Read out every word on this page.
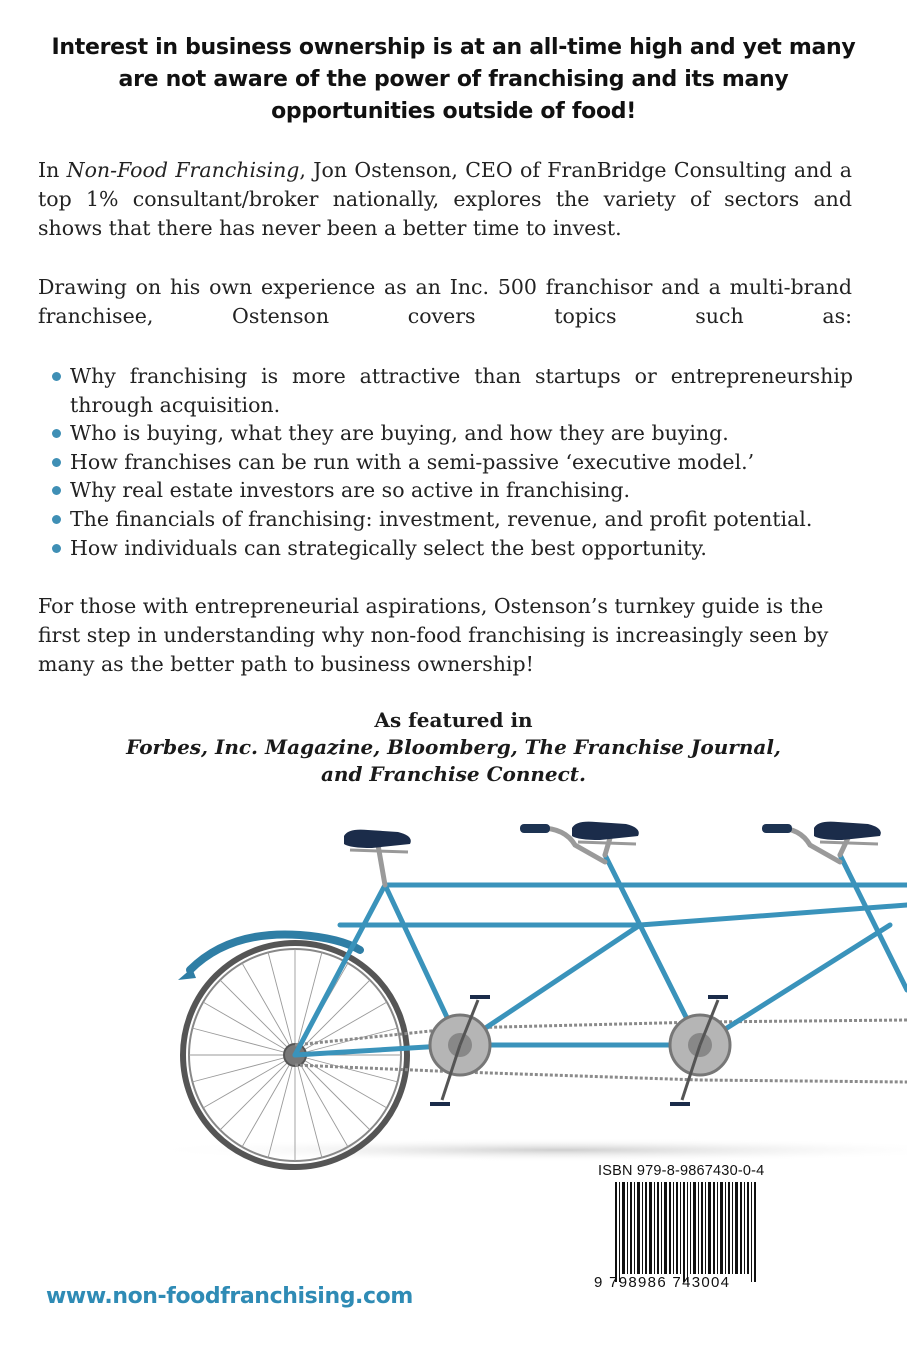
Interest in business ownership is at an all-time high and yet many are not aware of the power of franchising and its many opportunities outside of food!

In Non-Food Franchising, Jon Ostenson, CEO of FranBridge Consulting and a top 1% consultant/broker nationally, explores the variety of sectors and shows that there has never been a better time to invest.

Drawing on his own experience as an Inc. 500 franchisor and a multi-brand franchisee, Ostenson covers topics such as:

Why franchising is more attractive than startups or entrepreneurship through acquisition.
Who is buying, what they are buying, and how they are buying.
How franchises can be run with a semi-passive ‘executive model.’
Why real estate investors are so active in franchising.
The financials of franchising: investment, revenue, and profit potential.
How individuals can strategically select the best opportunity.

For those with entrepreneurial aspirations, Ostenson’s turnkey guide is the first step in understanding why non-food franchising is increasingly seen by many as the better path to business ownership!

As featured in
Forbes, Inc. Magazine, Bloomberg, The Franchise Journal,
and Franchise Connect.
www.non-foodfranchising.com
ISBN 979-8-9867430-0-4
9 798986 743004
